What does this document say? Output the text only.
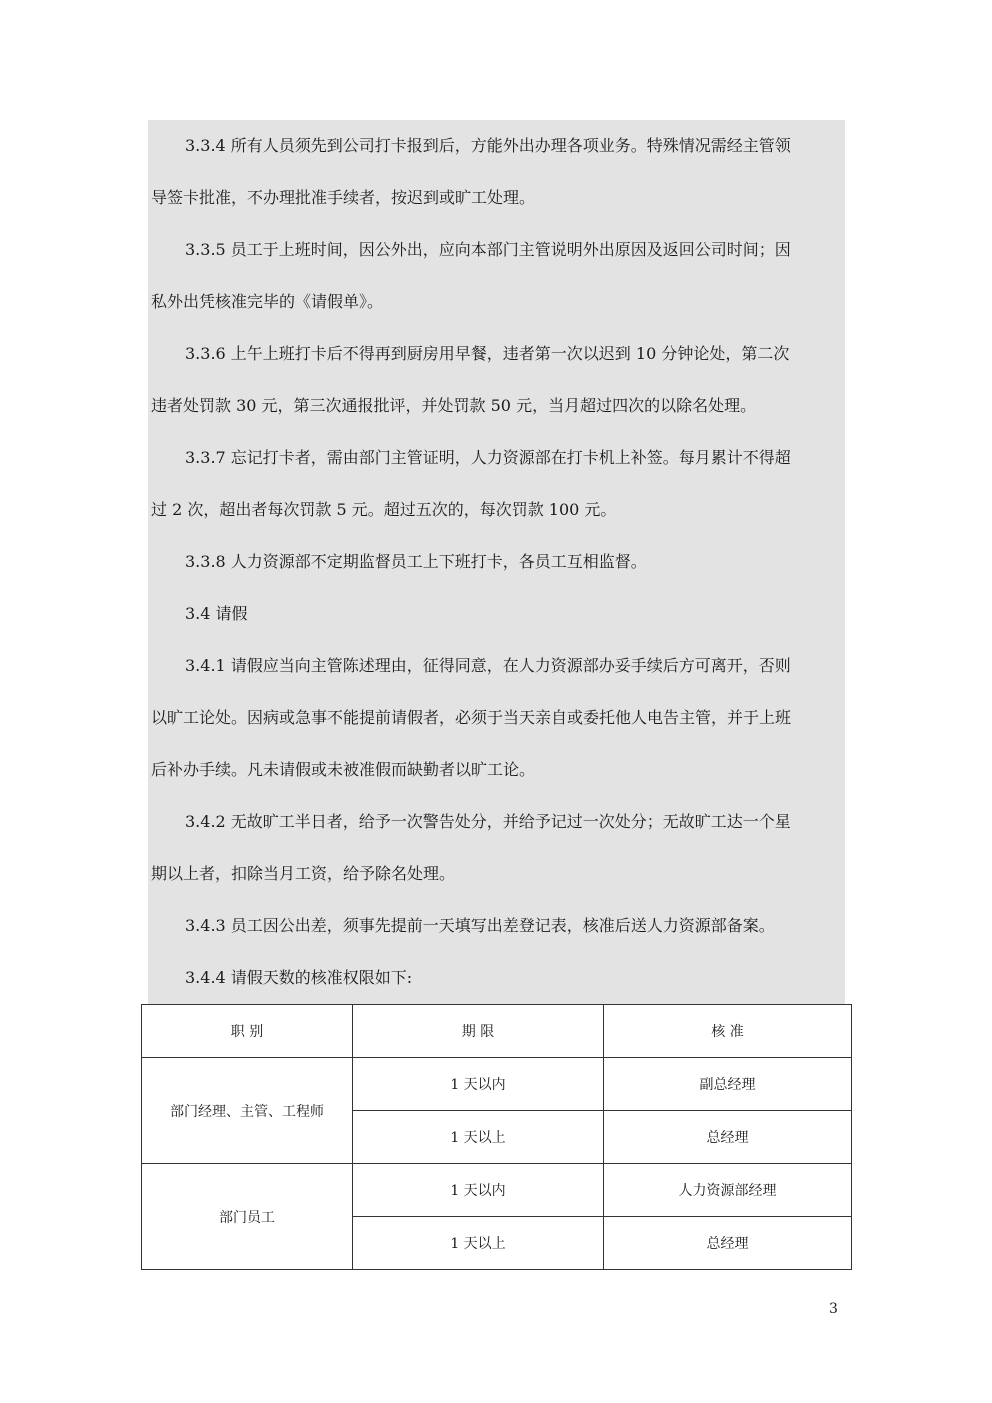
3.3.4 所有人员须先到公司打卡报到后，方能外出办理各项业务。特殊情况需经主管领

导签卡批准，不办理批准手续者，按迟到或旷工处理。

3.3.5 员工于上班时间，因公外出，应向本部门主管说明外出原因及返回公司时间；因

私外出凭核准完毕的《请假单》。

3.3.6 上午上班打卡后不得再到厨房用早餐，违者第一次以迟到 10 分钟论处，第二次

违者处罚款 30 元，第三次通报批评，并处罚款 50 元，当月超过四次的以除名处理。

3.3.7 忘记打卡者，需由部门主管证明，人力资源部在打卡机上补签。每月累计不得超

过 2 次，超出者每次罚款 5 元。超过五次的，每次罚款 100 元。

3.3.8 人力资源部不定期监督员工上下班打卡，各员工互相监督。

3.4 请假

3.4.1 请假应当向主管陈述理由，征得同意，在人力资源部办妥手续后方可离开，否则

以旷工论处。因病或急事不能提前请假者，必须于当天亲自或委托他人电告主管，并于上班

后补办手续。凡未请假或未被准假而缺勤者以旷工论。

3.4.2 无故旷工半日者，给予一次警告处分，并给予记过一次处分；无故旷工达一个星

期以上者，扣除当月工资，给予除名处理。

3.4.3 员工因公出差，须事先提前一天填写出差登记表，核准后送人力资源部备案。

3.4.4 请假天数的核准权限如下:

职 别	期 限	核 准
部门经理、主管、工程师	1 天以内	副总经理
	1 天以上	总经理
部门员工	1 天以内	人力资源部经理
	1 天以上	总经理
3
